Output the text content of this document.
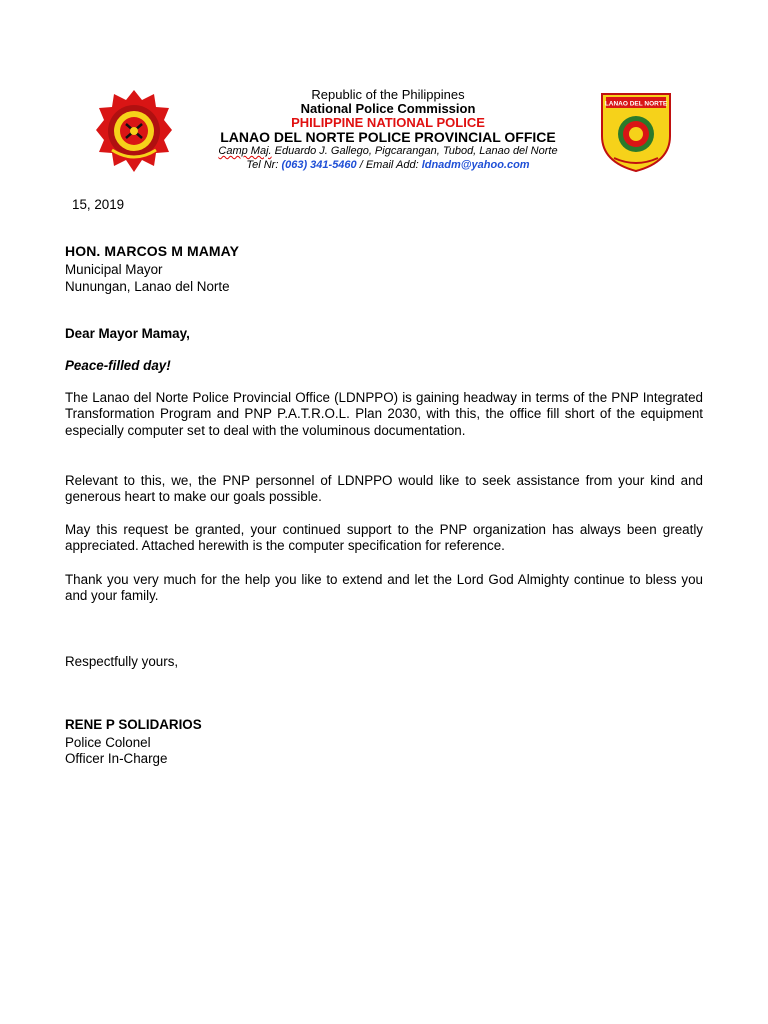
Republic of the Philippines
National Police Commission
PHILIPPINE NATIONAL POLICE
LANAO DEL NORTE POLICE PROVINCIAL OFFICE
Camp Maj. Eduardo J. Gallego, Pigcarangan, Tubod, Lanao del Norte
Tel Nr: (063) 341-5460 / Email Add: ldnadm@yahoo.com
LANAO DEL NORTE
15, 2019
HON. MARCOS M MAMAY
Municipal Mayor
Nunungan, Lanao del Norte
Dear Mayor Mamay,
Peace-filled day!
The Lanao del Norte Police Provincial Office (LDNPPO) is gaining headway in terms of the PNP Integrated Transformation Program and PNP P.A.T.R.O.L. Plan 2030, with this, the office fill short of the equipment especially computer set to deal with the voluminous documentation.
Relevant to this, we, the PNP personnel of LDNPPO would like to seek assistance from your kind and generous heart to make our goals possible.
May this request be granted, your continued support to the PNP organization has always been greatly appreciated. Attached herewith is the computer specification for reference.
Thank you very much for the help you like to extend and let the Lord God Almighty continue to bless you and your family.
Respectfully yours,
RENE P SOLIDARIOS
Police Colonel
Officer In-Charge
